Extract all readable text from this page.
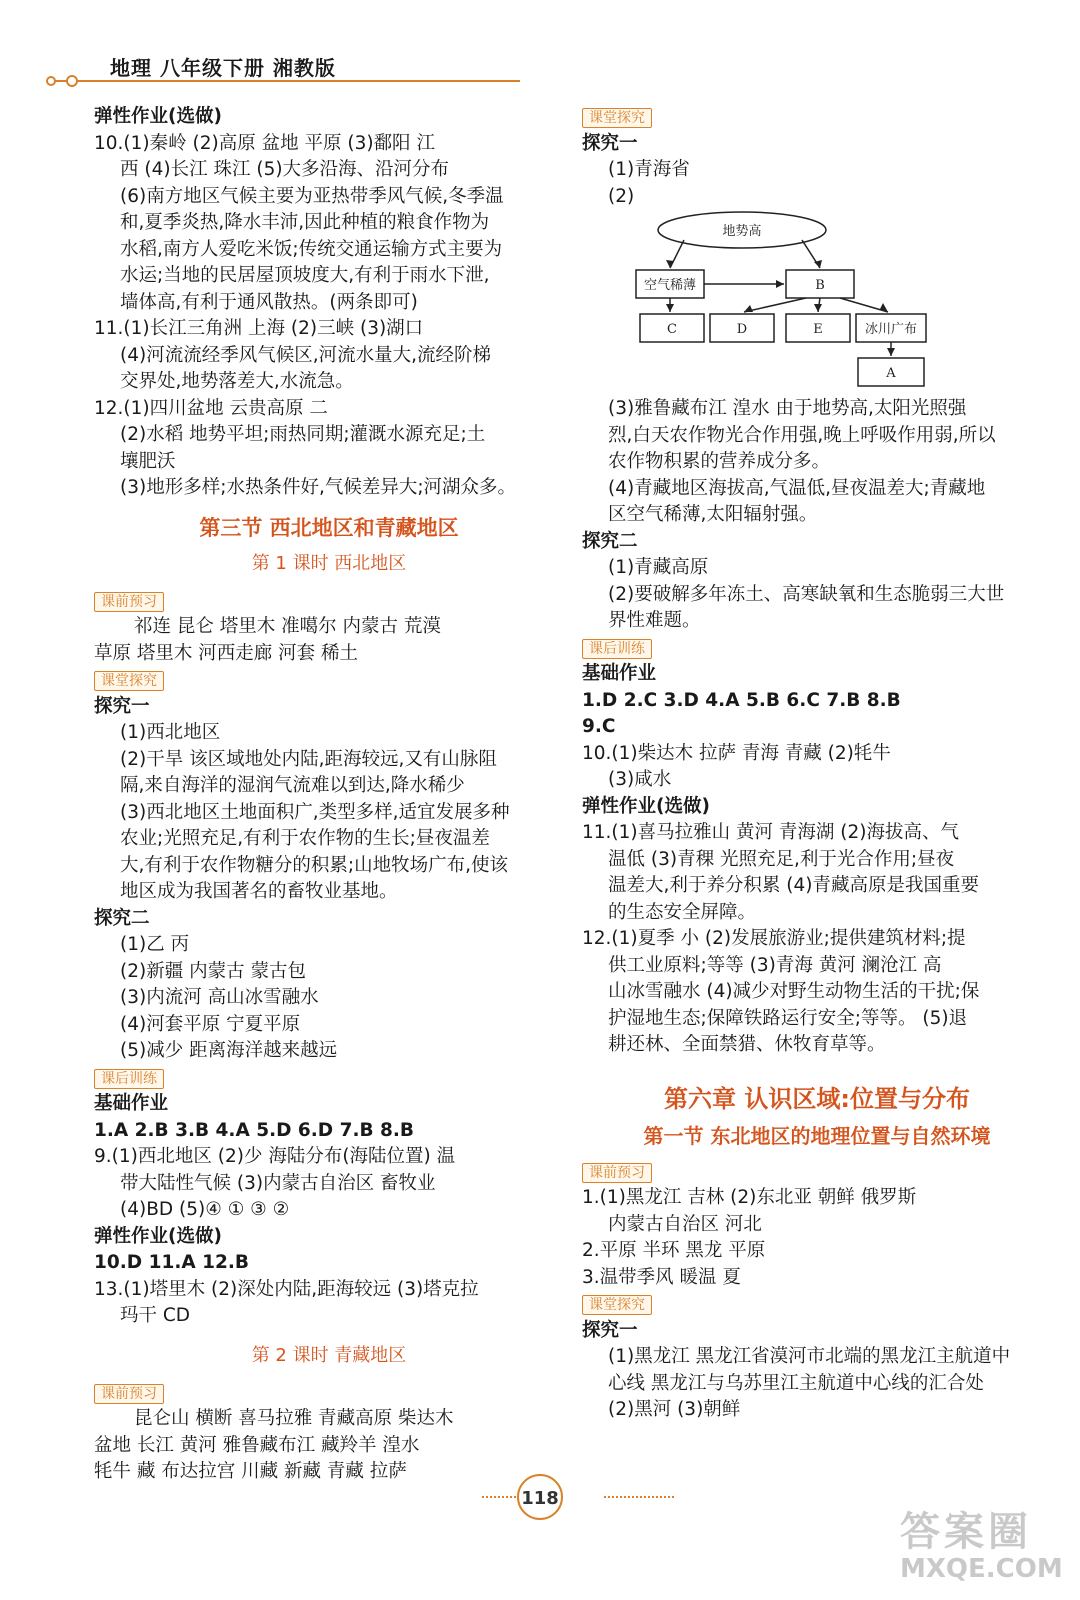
地理 八年级下册 湘教版
弹性作业(选做)
10.(1)秦岭 (2)高原 盆地 平原 (3)鄱阳 江
西 (4)长江 珠江 (5)大多沿海、沿河分布
(6)南方地区气候主要为亚热带季风气候,冬季温
和,夏季炎热,降水丰沛,因此种植的粮食作物为
水稻,南方人爱吃米饭;传统交通运输方式主要为
水运;当地的民居屋顶坡度大,有利于雨水下泄,
墙体高,有利于通风散热。(两条即可)
11.(1)长江三角洲 上海 (2)三峡 (3)湖口
(4)河流流经季风气候区,河流水量大,流经阶梯
交界处,地势落差大,水流急。
12.(1)四川盆地 云贵高原 二
(2)水稻 地势平坦;雨热同期;灌溉水源充足;土
壤肥沃
(3)地形多样;水热条件好,气候差异大;河湖众多。
第三节 西北地区和青藏地区
第 1 课时 西北地区
课前预习
祁连 昆仑 塔里木 准噶尔 内蒙古 荒漠
草原 塔里木 河西走廊 河套 稀土
课堂探究
探究一
(1)西北地区
(2)干旱 该区域地处内陆,距海较远,又有山脉阻
隔,来自海洋的湿润气流难以到达,降水稀少
(3)西北地区土地面积广,类型多样,适宜发展多种
农业;光照充足,有利于农作物的生长;昼夜温差
大,有利于农作物糖分的积累;山地牧场广布,使该
地区成为我国著名的畜牧业基地。
探究二
(1)乙 丙
(2)新疆 内蒙古 蒙古包
(3)内流河 高山冰雪融水
(4)河套平原 宁夏平原
(5)减少 距离海洋越来越远
课后训练
基础作业
1.A 2.B 3.B 4.A 5.D 6.D 7.B 8.B
9.(1)西北地区 (2)少 海陆分布(海陆位置) 温
带大陆性气候 (3)内蒙古自治区 畜牧业
(4)BD (5)④ ① ③ ②
弹性作业(选做)
10.D 11.A 12.B
13.(1)塔里木 (2)深处内陆,距海较远 (3)塔克拉
玛干 CD
第 2 课时 青藏地区
课前预习
昆仑山 横断 喜马拉雅 青藏高原 柴达木
盆地 长江 黄河 雅鲁藏布江 藏羚羊 湟水
牦牛 藏 布达拉宫 川藏 新藏 青藏 拉萨
课堂探究
探究一
(1)青海省
(2)
地势高
空气稀薄	B
C	D	E	冰川广布
A
(3)雅鲁藏布江 湟水 由于地势高,太阳光照强
烈,白天农作物光合作用强,晚上呼吸作用弱,所以
农作物积累的营养成分多。
(4)青藏地区海拔高,气温低,昼夜温差大;青藏地
区空气稀薄,太阳辐射强。
探究二
(1)青藏高原
(2)要破解多年冻土、高寒缺氧和生态脆弱三大世
界性难题。
课后训练
基础作业
1.D 2.C 3.D 4.A 5.B 6.C 7.B 8.B
9.C
10.(1)柴达木 拉萨 青海 青藏 (2)牦牛
(3)咸水
弹性作业(选做)
11.(1)喜马拉雅山 黄河 青海湖 (2)海拔高、气
温低 (3)青稞 光照充足,利于光合作用;昼夜
温差大,利于养分积累 (4)青藏高原是我国重要
的生态安全屏障。
12.(1)夏季 小 (2)发展旅游业;提供建筑材料;提
供工业原料;等等 (3)青海 黄河 澜沧江 高
山冰雪融水 (4)减少对野生动物生活的干扰;保
护湿地生态;保障铁路运行安全;等等。 (5)退
耕还林、全面禁猎、休牧育草等。
第六章 认识区域:位置与分布
第一节 东北地区的地理位置与自然环境
课前预习
1.(1)黑龙江 吉林 (2)东北亚 朝鲜 俄罗斯
内蒙古自治区 河北
2.平原 半环 黑龙 平原
3.温带季风 暖温 夏
课堂探究
探究一
(1)黑龙江 黑龙江省漠河市北端的黑龙江主航道中
心线 黑龙江与乌苏里江主航道中心线的汇合处
(2)黑河 (3)朝鲜
118
答案圈
MXQE.COM
